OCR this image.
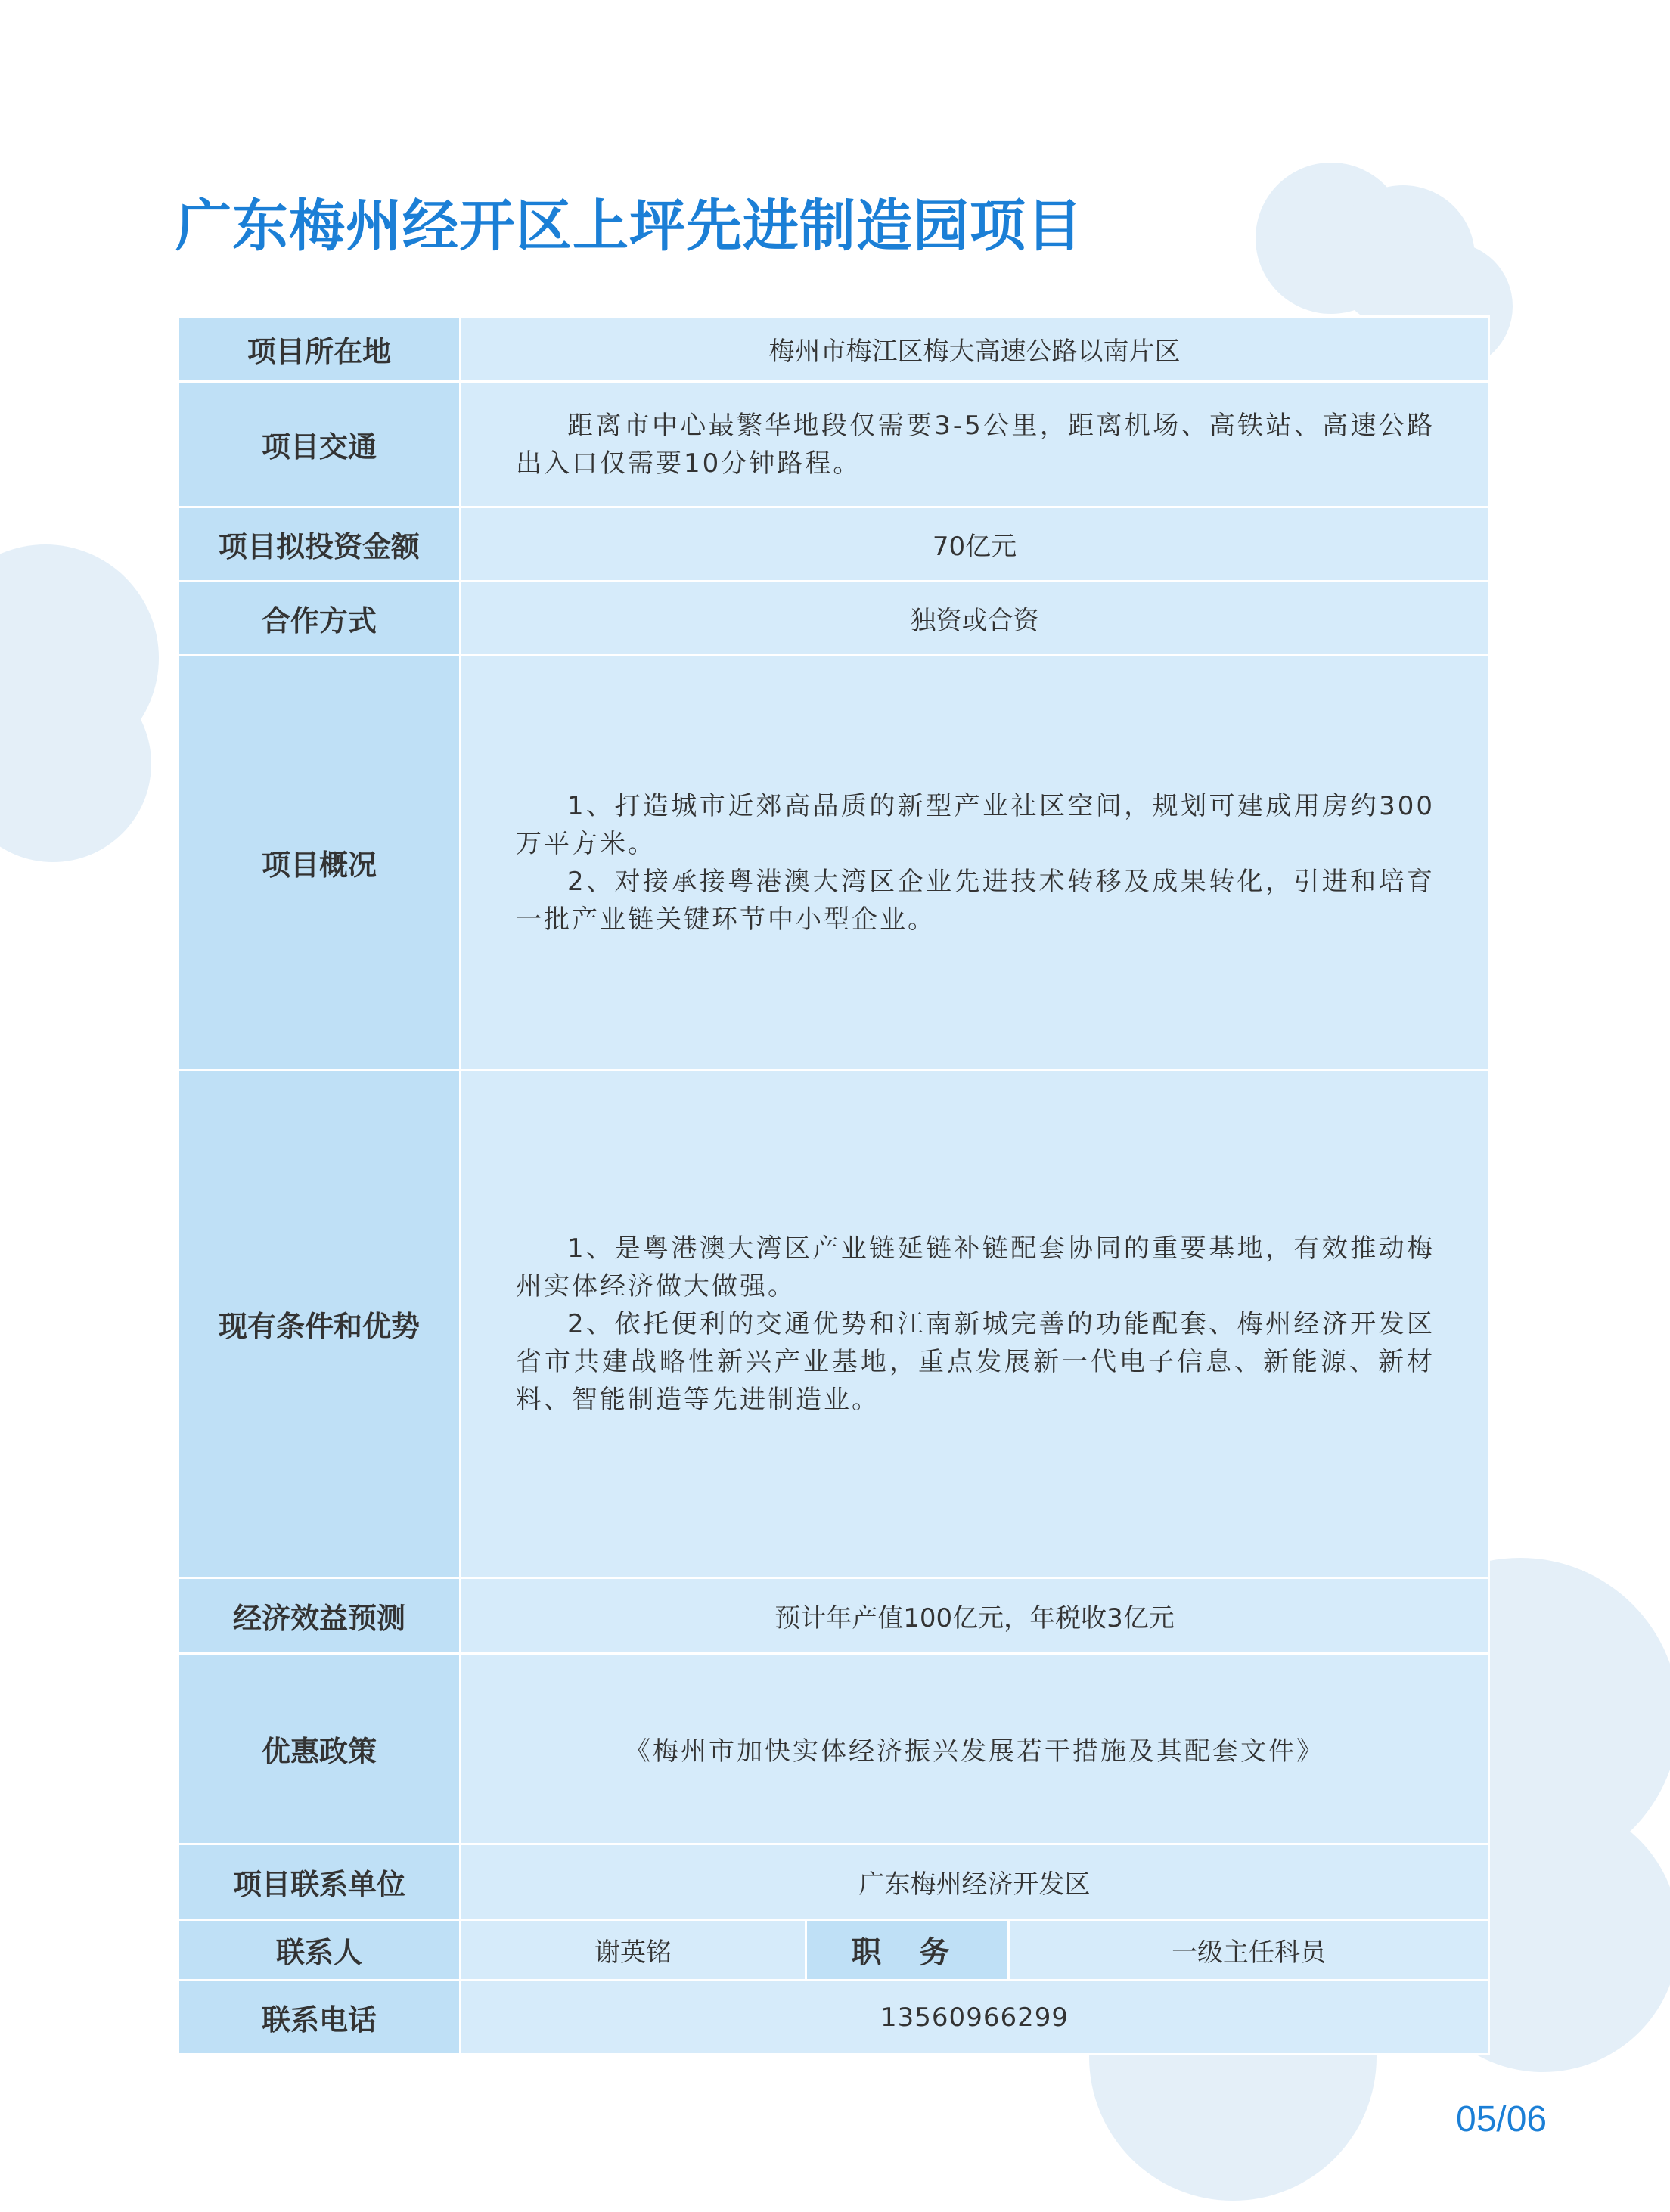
广东梅州经开区上坪先进制造园项目
项目所在地	梅州市梅江区梅大高速公路以南片区		
项目交通	距离市中心最繁华地段仅需要3-5公里，距离机场、高铁站、高速公路出入口仅需要10分钟路程。		

项目拟投资金额	70亿元		
合作方式	独资或合资		
项目概况	1、打造城市近郊高品质的新型产业社区空间，规划可建成用房约300万平方米。

2、对接承接粤港澳大湾区企业先进技术转移及成果转化，引进和培育一批产业链关键环节中小型企业。		

现有条件和优势	1、是粤港澳大湾区产业链延链补链配套协同的重要基地，有效推动梅州实体经济做大做强。

2、依托便利的交通优势和江南新城完善的功能配套、梅州经济开发区省市共建战略性新兴产业基地，重点发展新一代电子信息、新能源、新材料、智能制造等先进制造业。		

经济效益预测	预计年产值100亿元，年税收3亿元		
优惠政策	《梅州市加快实体经济振兴发展若干措施及其配套文件》		
项目联系单位	广东梅州经济开发区		
联系人	谢英铭	职 务	一级主任科员
联系电话	13560966299		
05/06
